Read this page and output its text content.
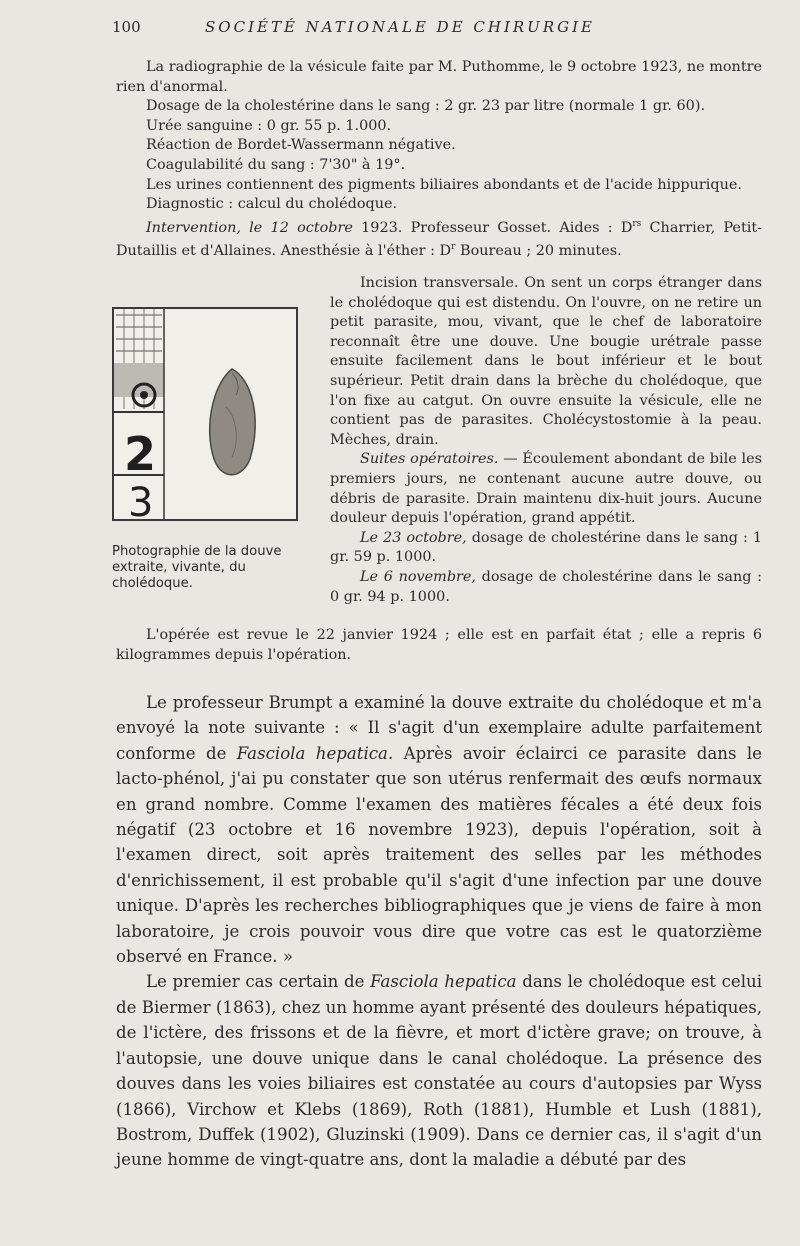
100	SOCIÉTÉ NATIONALE DE CHIRURGIE

La radiographie de la vésicule faite par M. Puthomme, le 9 octobre 1923, ne montre rien d'anormal.

Dosage de la cholestérine dans le sang : 2 gr. 23 par litre (normale 1 gr. 60).

Urée sanguine : 0 gr. 55 p. 1.000.

Réaction de Bordet-Wassermann négative.

Coagulabilité du sang : 7'30" à 19°.

Les urines contiennent des pigments biliaires abondants et de l'acide hippurique.

Diagnostic : calcul du cholédoque.

Intervention, le 12 octobre 1923. Professeur Gosset. Aides : $D^{rs}$ Charrier, Petit-Dutaillis et d'Allaines. Anesthésie à l'éther : $D^r$ Boureau ; 20 minutes.

Incision transversale. On sent un corps étranger dans le cholédoque qui est distendu. On l'ouvre, on ne retire un petit parasite, mou, vivant, que le chef de laboratoire reconnaît être une douve. Une bougie urétrale passe ensuite facilement dans le bout inférieur et le bout supérieur. Petit drain dans la brèche du cholédoque, que l'on fixe au catgut. On ouvre ensuite la vésicule, elle ne contient pas de parasites. Cholécystostomie à la peau. Mèches, drain.

Suites opératoires. — Écoulement abondant de bile les premiers jours, ne contenant aucune autre douve, ou débris de parasite. Drain maintenu dix-huit jours. Aucune douleur depuis l'opération, grand appétit.

Le 23 octobre, dosage de cholestérine dans le sang : 1 gr. 59 p. 1000.

Le 6 novembre, dosage de cholestérine dans le sang : 0 gr. 94 p. 1000.

2
3
Photographie de la douve extraite, vivante, du cholédoque.

L'opérée est revue le 22 janvier 1924 ; elle est en parfait état ; elle a repris 6 kilogrammes depuis l'opération.

Le professeur Brumpt a examiné la douve extraite du cholédoque et m'a envoyé la note suivante : « Il s'agit d'un exemplaire adulte parfaitement conforme de Fasciola hepatica. Après avoir éclairci ce parasite dans le lacto-phénol, j'ai pu constater que son utérus renfermait des œufs normaux en grand nombre. Comme l'examen des matières fécales a été deux fois négatif (23 octobre et 16 novembre 1923), depuis l'opération, soit à l'examen direct, soit après traitement des selles par les méthodes d'enrichissement, il est probable qu'il s'agit d'une infection par une douve unique. D'après les recherches bibliographiques que je viens de faire à mon laboratoire, je crois pouvoir vous dire que votre cas est le quatorzième observé en France. »

Le premier cas certain de Fasciola hepatica dans le cholédoque est celui de Biermer (1863), chez un homme ayant présenté des douleurs hépatiques, de l'ictère, des frissons et de la fièvre, et mort d'ictère grave; on trouve, à l'autopsie, une douve unique dans le canal cholédoque. La présence des douves dans les voies biliaires est constatée au cours d'autopsies par Wyss (1866), Virchow et Klebs (1869), Roth (1881), Humble et Lush (1881), Bostrom, Duffek (1902), Gluzinski (1909). Dans ce dernier cas, il s'agit d'un jeune homme de vingt-quatre ans, dont la maladie a débuté par des
